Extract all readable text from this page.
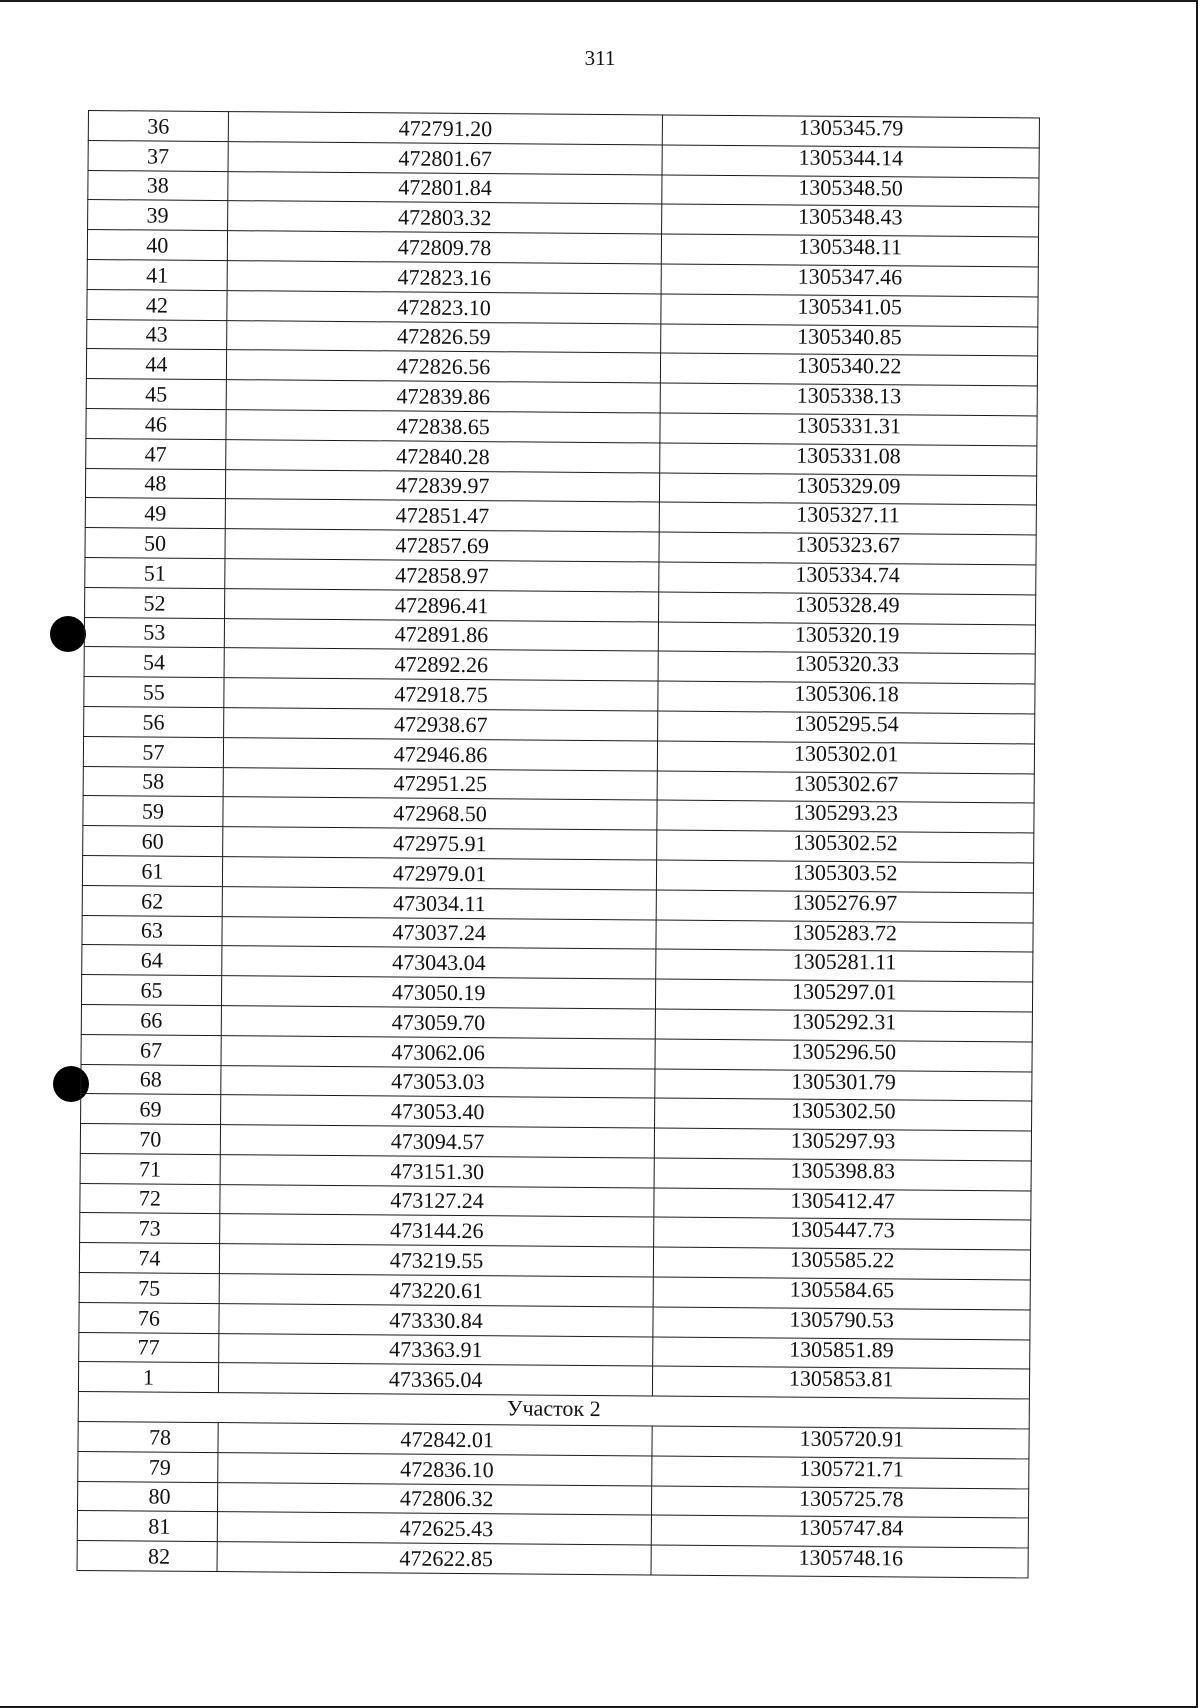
311
36	472791.20	1305345.79
37	472801.67	1305344.14
38	472801.84	1305348.50
39	472803.32	1305348.43
40	472809.78	1305348.11
41	472823.16	1305347.46
42	472823.10	1305341.05
43	472826.59	1305340.85
44	472826.56	1305340.22
45	472839.86	1305338.13
46	472838.65	1305331.31
47	472840.28	1305331.08
48	472839.97	1305329.09
49	472851.47	1305327.11
50	472857.69	1305323.67
51	472858.97	1305334.74
52	472896.41	1305328.49
53	472891.86	1305320.19
54	472892.26	1305320.33
55	472918.75	1305306.18
56	472938.67	1305295.54
57	472946.86	1305302.01
58	472951.25	1305302.67
59	472968.50	1305293.23
60	472975.91	1305302.52
61	472979.01	1305303.52
62	473034.11	1305276.97
63	473037.24	1305283.72
64	473043.04	1305281.11
65	473050.19	1305297.01
66	473059.70	1305292.31
67	473062.06	1305296.50
68	473053.03	1305301.79
69	473053.40	1305302.50
70	473094.57	1305297.93
71	473151.30	1305398.83
72	473127.24	1305412.47
73	473144.26	1305447.73
74	473219.55	1305585.22
75	473220.61	1305584.65
76	473330.84	1305790.53
77	473363.91	1305851.89
1	473365.04	1305853.81
Участок 2		
78	472842.01	1305720.91
79	472836.10	1305721.71
80	472806.32	1305725.78
81	472625.43	1305747.84
82	472622.85	1305748.16
